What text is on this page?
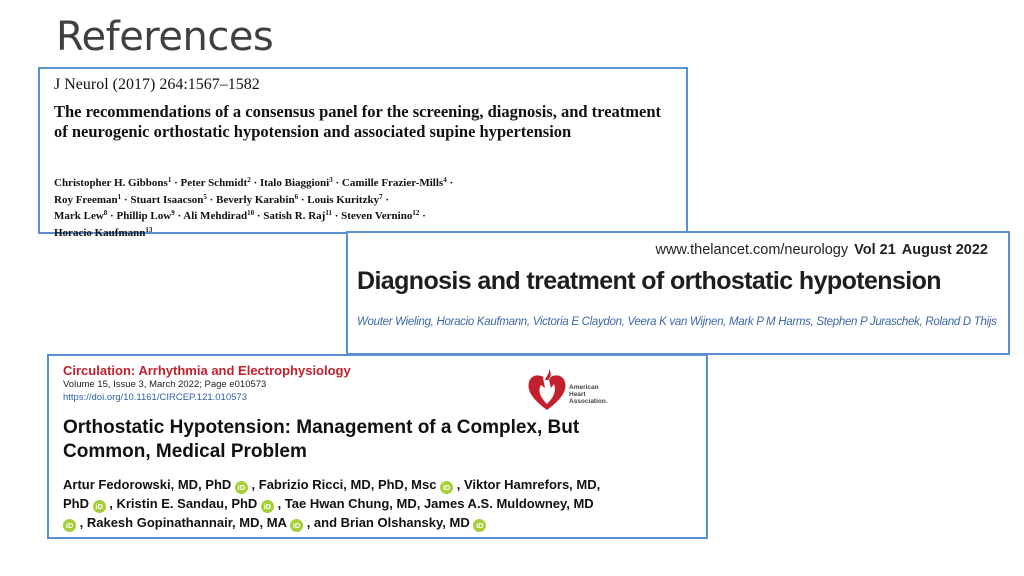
References
J Neurol (2017) 264:1567–1582
The recommendations of a consensus panel for the screening, diagnosis, and treatment of neurogenic orthostatic hypotension and associated supine hypertension
Christopher H. Gibbons$^1$ · Peter Schmidt$^2$ · Italo Biaggioni$^3$ · Camille Frazier-Mills$^4$ ·
Roy Freeman$^1$ · Stuart Isaacson$^5$ · Beverly Karabin$^6$ · Louis Kuritzky$^7$ ·
Mark Lew$^8$ · Phillip Low$^9$ · Ali Mehdirad$^{10}$ · Satish R. Raj$^{11}$ · Steven Vernino$^{12}$ ·
Horacio Kaufmann$^{13}$
www.thelancet.com/neurology Vol 21 August 2022
Diagnosis and treatment of orthostatic hypotension
Wouter Wieling, Horacio Kaufmann, Victoria E Claydon, Veera K van Wijnen, Mark P M Harms, Stephen P Juraschek, Roland D Thijs
Circulation: Arrhythmia and Electrophysiology
Volume 15, Issue 3, March 2022; Page e010573
https://doi.org/10.1161/CIRCEP.121.010573
American
Heart
Association.
Orthostatic Hypotension: Management of a Complex, But Common, Medical Problem
Artur Fedorowski, MD, PhD iD , Fabrizio Ricci, MD, PhD, Msc iD , Viktor Hamrefors, MD, PhD iD , Kristin E. Sandau, PhD iD , Tae Hwan Chung, MD, James A.S. Muldowney, MD
iD , Rakesh Gopinathannair, MD, MA iD , and Brian Olshansky, MD iD
